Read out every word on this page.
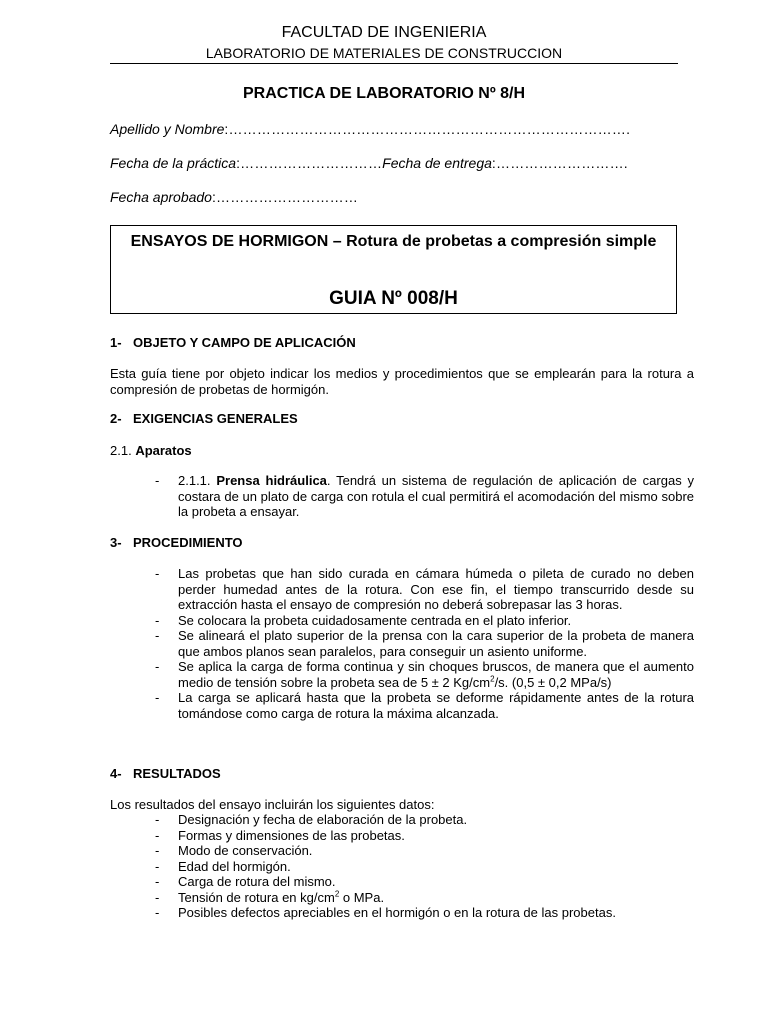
FACULTAD DE INGENIERIA
LABORATORIO DE MATERIALES DE CONSTRUCCION
PRACTICA DE LABORATORIO Nº 8/H
Apellido y Nombre:………………………………………………………………………….
Fecha de la práctica:…………………………Fecha de entrega:……………………….
Fecha aprobado:…………………………
ENSAYOS DE HORMIGON – Rotura de probetas a compresión simple
GUIA Nº 008/H
1- OBJETO Y CAMPO DE APLICACIÓN
Esta guía tiene por objeto indicar los medios y procedimientos que se emplearán para la rotura a compresión de probetas de hormigón.
2- EXIGENCIAS GENERALES
2.1. Aparatos
- 2.1.1. Prensa hidráulica. Tendrá un sistema de regulación de aplicación de cargas y costara de un plato de carga con rotula el cual permitirá el acomodación del mismo sobre la probeta a ensayar.
3- PROCEDIMIENTO
- Las probetas que han sido curada en cámara húmeda o pileta de curado no deben perder humedad antes de la rotura. Con ese fin, el tiempo transcurrido desde su extracción hasta el ensayo de compresión no deberá sobrepasar las 3 horas.
- Se colocara la probeta cuidadosamente centrada en el plato inferior.
- Se alineará el plato superior de la prensa con la cara superior de la probeta de manera que ambos planos sean paralelos, para conseguir un asiento uniforme.
- Se aplica la carga de forma continua y sin choques bruscos, de manera que el aumento medio de tensión sobre la probeta sea de 5 ± 2 $Kg/cm^2/s$. (0,5 ± 0,2 MPa/s)
- La carga se aplicará hasta que la probeta se deforme rápidamente antes de la rotura tomándose como carga de rotura la máxima alcanzada.
4- RESULTADOS
Los resultados del ensayo incluirán los siguientes datos:
- Designación y fecha de elaboración de la probeta.
- Formas y dimensiones de las probetas.
- Modo de conservación.
- Edad del hormigón.
- Carga de rotura del mismo.
- Tensión de rotura en $kg/cm^2$ o MPa.
- Posibles defectos apreciables en el hormigón o en la rotura de las probetas.
